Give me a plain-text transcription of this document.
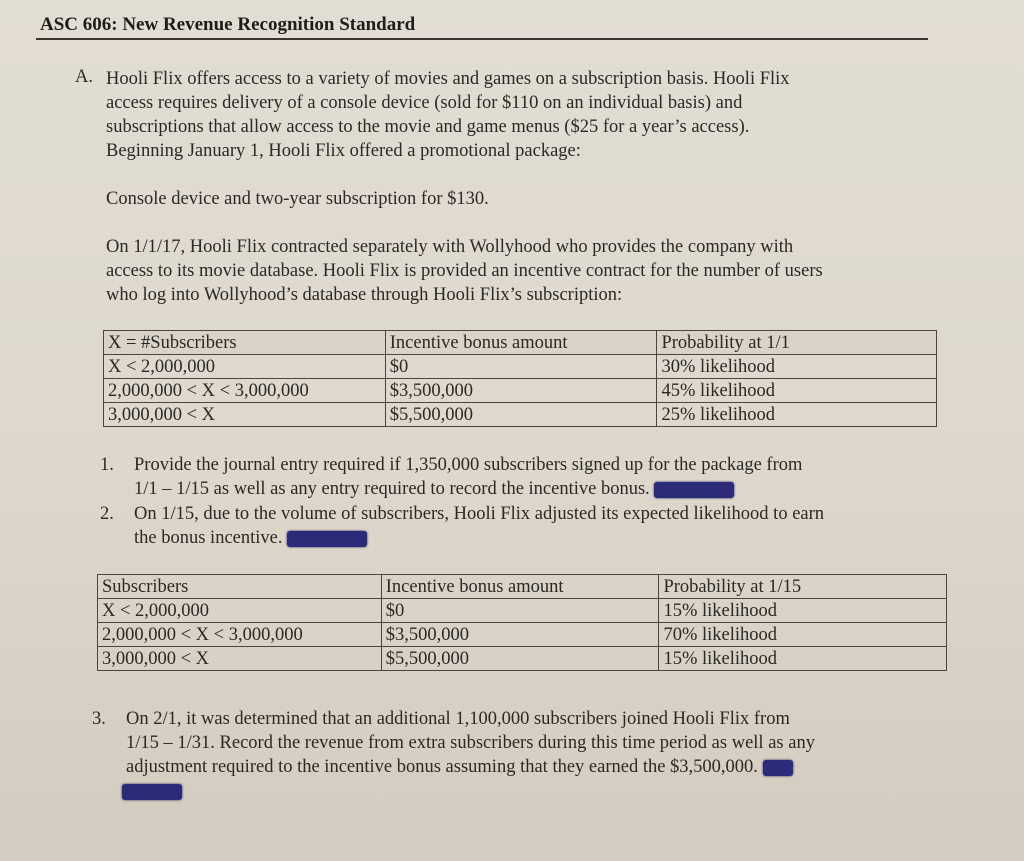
ASC 606: New Revenue Recognition Standard
A. Hooli Flix offers access to a variety of movies and games on a subscription basis. Hooli Flix
access requires delivery of a console device (sold for $110 on an individual basis) and
subscriptions that allow access to the movie and game menus ($25 for a year’s access).
Beginning January 1, Hooli Flix offered a promotional package:
Console device and two-year subscription for $130.
On 1/1/17, Hooli Flix contracted separately with Wollyhood who provides the company with
access to its movie database. Hooli Flix is provided an incentive contract for the number of users
who log into Wollyhood’s database through Hooli Flix’s subscription:
X = #Subscribers	Incentive bonus amount	Probability at 1/1
X < 2,000,000	$0	30% likelihood
2,000,000 < X < 3,000,000	$3,500,000	45% likelihood
3,000,000 < X	$5,500,000	25% likelihood
1. Provide the journal entry required if 1,350,000 subscribers signed up for the package from
1/1 – 1/15 as well as any entry required to record the incentive bonus.
2. On 1/15, due to the volume of subscribers, Hooli Flix adjusted its expected likelihood to earn
the bonus incentive.
Subscribers	Incentive bonus amount	Probability at 1/15
X < 2,000,000	$0	15% likelihood
2,000,000 < X < 3,000,000	$3,500,000	70% likelihood
3,000,000 < X	$5,500,000	15% likelihood
3. On 2/1, it was determined that an additional 1,100,000 subscribers joined Hooli Flix from
1/15 – 1/31. Record the revenue from extra subscribers during this time period as well as any
adjustment required to the incentive bonus assuming that they earned the $3,500,000.
